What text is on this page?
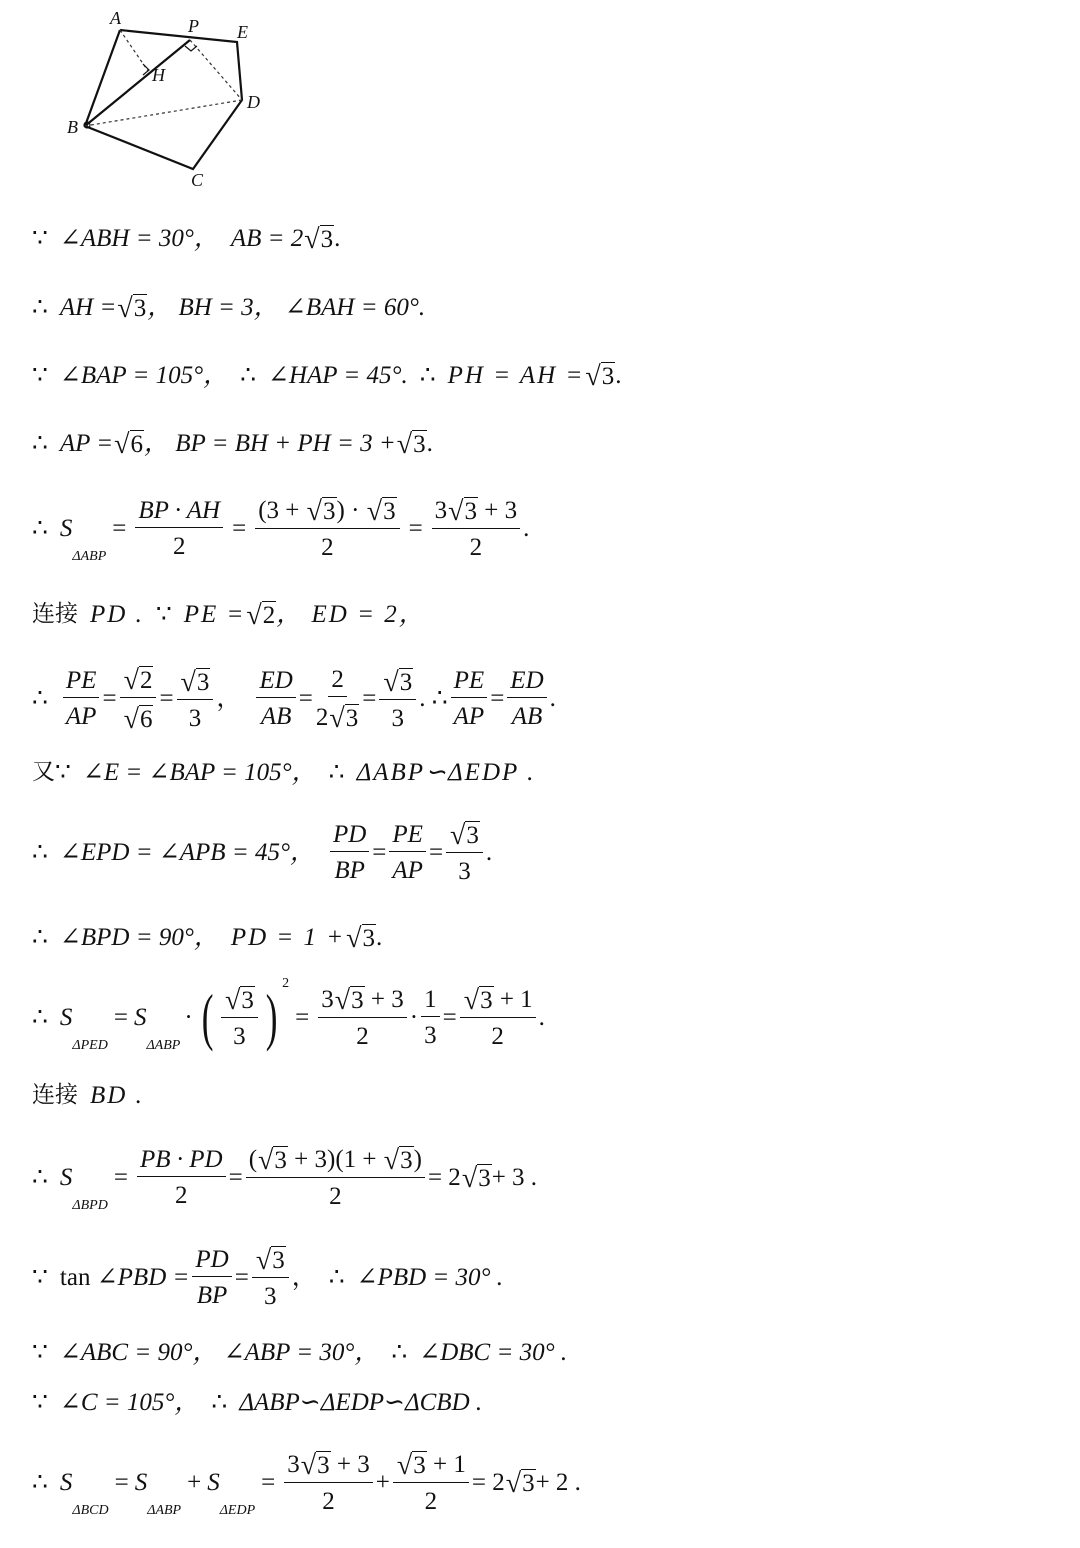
A	P E
H
D
B
C
∵ ∠ABH = 30°， AB = 2 √ 3 .
∴ AH = √ 3 ， BH = 3， ∠BAH = 60°.
∵ ∠BAP = 105°， ∴ ∠HAP = 45°. ∴ PH = AH = √ 3 .
∴ AP = √ 6 ， BP = BH + PH = 3 + √ 3 .
∴ S
ΔABP
= $\frac{BP \cdot AH}{2} = \frac{(3 + √ 3 ) \cdot √ 3}{2} = \frac{3 √ 3 + 3}{2}$ .
连接 PD . ∵ PE = √ 2 ， ED = 2，
∴
PE
AP
=
√ 2
√ 6
=
√ 3
3
，
ED
AB
=
2
2 √ 3
=
√ 3
3
. ∴
PE
AP
=
ED
AB
.
又 ∵ ∠E = ∠BAP = 105°， ∴ ΔABP∽ΔEDP .
∴ ∠EPD = ∠APB = 45°，
PD
BP
=
PE
AP
=
√ 3
3
.
∴ ∠BPD = 90°， PD = 1 + √ 3 .
∴ S
ΔPED
= S
ΔABP
· ( √ 3
3 ) 2
= $\frac{3 √ 3 + 3}{2}$ ·
1
3
=
√ 3 + 1
2
.
连接 BD .
∴ S
ΔBPD
= $\frac{PB \cdot PD}{2} = \frac{( √ 3 + 3)(1 + √ 3 )}{2} = 2$ √ 3 + 3 .
∵ tan
∠PBD = $\frac{PD}{BP}$ =
√ 3
3
， ∴ ∠PBD = 30° .
∵ ∠ABC = 90°， ∠ABP = 30°， ∴ ∠DBC = 30° .
∵ ∠C = 105°， ∴ ΔABP∽ΔEDP∽ΔCBD .
∴ S
ΔBCD
= S
ΔABP
+ S
ΔEDP
= $\frac{3 √ 3 + 3}{2} + \frac{√ 3 + 1}{2} = 2$ √ 3 + 2 .
